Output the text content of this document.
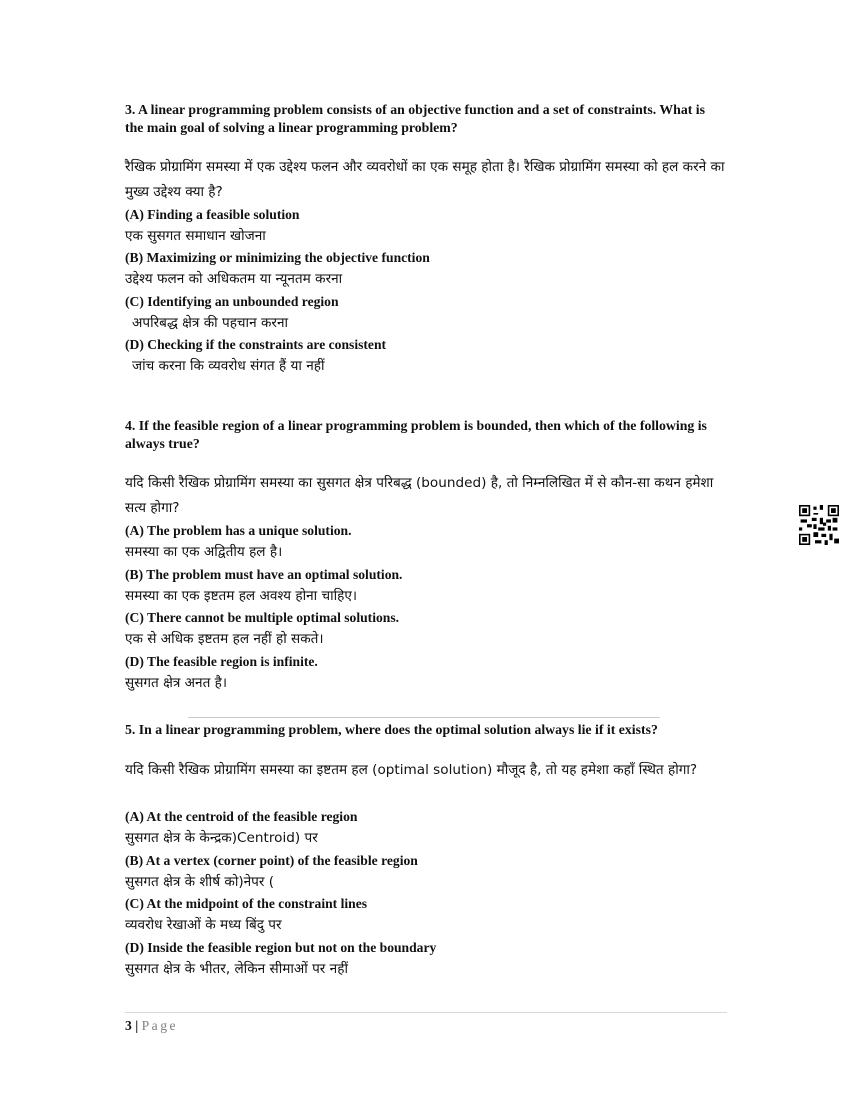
3. A linear programming problem consists of an objective function and a set of constraints. What is the main goal of solving a linear programming problem?
रैखिक प्रोग्रामिंग समस्या में एक उद्देश्य फलन और व्यवरोधों का एक समूह होता है। रैखिक प्रोग्रामिंग समस्या को हल करने का मुख्य उद्देश्य क्या है?
(A) Finding a feasible solution
एक सुसगत समाधान खोजना
(B) Maximizing or minimizing the objective function
उद्देश्य फलन को अधिकतम या न्यूनतम करना
(C) Identifying an unbounded region
अपरिबद्ध क्षेत्र की पहचान करना
(D) Checking if the constraints are consistent
जांच करना कि व्यवरोध संगत हैं या नहीं
4. If the feasible region of a linear programming problem is bounded, then which of the following is always true?
यदि किसी रैखिक प्रोग्रामिंग समस्या का सुसगत क्षेत्र परिबद्ध (bounded) है, तो निम्नलिखित में से कौन-सा कथन हमेशा सत्य होगा?
(A) The problem has a unique solution.
समस्या का एक अद्वितीय हल है।
(B) The problem must have an optimal solution.
समस्या का एक इष्टतम हल अवश्य होना चाहिए।
(C) There cannot be multiple optimal solutions.
एक से अधिक इष्टतम हल नहीं हो सकते।
(D) The feasible region is infinite.
सुसगत क्षेत्र अनत है।
5. In a linear programming problem, where does the optimal solution always lie if it exists?
यदि किसी रैखिक प्रोग्रामिंग समस्या का इष्टतम हल (optimal solution) मौजूद है, तो यह हमेशा कहाँ स्थित होगा?
(A) At the centroid of the feasible region
सुसगत क्षेत्र के केन्द्रक)Centroid) पर
(B) At a vertex (corner point) of the feasible region
सुसगत क्षेत्र के शीर्ष को)नेपर (
(C) At the midpoint of the constraint lines
व्यवरोध रेखाओं के मध्य बिंदु पर
(D) Inside the feasible region but not on the boundary
सुसगत क्षेत्र के भीतर, लेकिन सीमाओं पर नहीं
3 | Page
